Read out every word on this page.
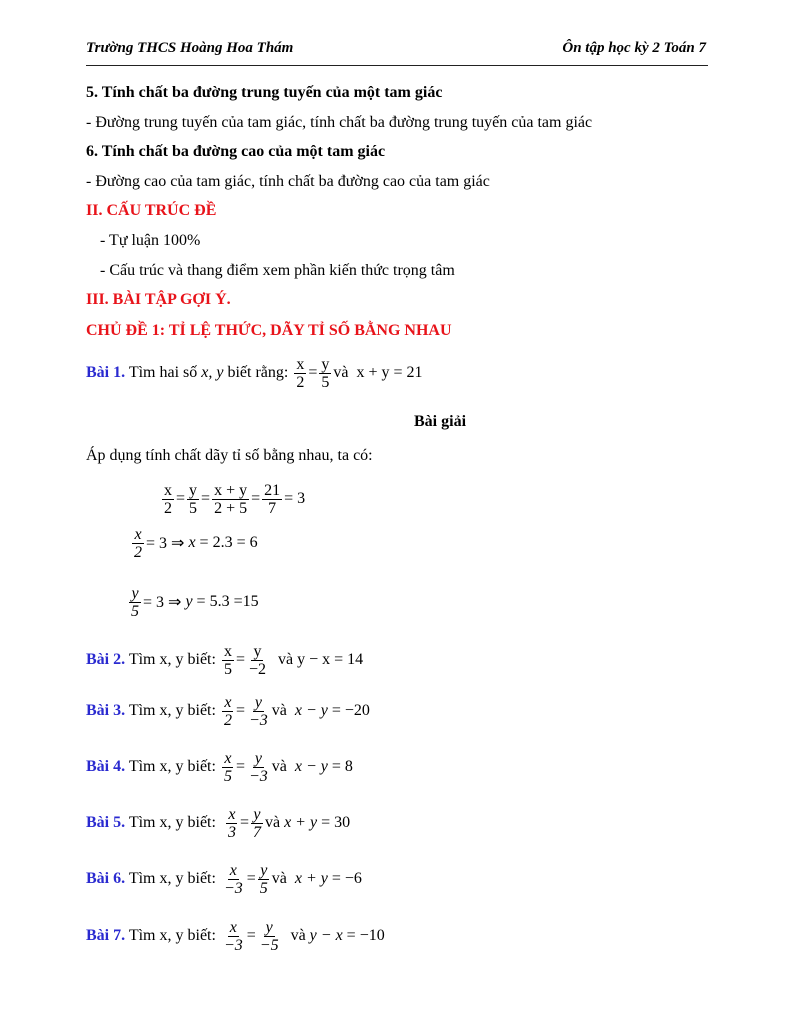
Trường THCS Hoàng Hoa Thám	Ôn tập học kỳ 2 Toán 7
5. Tính chất ba đường trung tuyến của một tam giác
- Đường trung tuyến của tam giác, tính chất ba đường trung tuyến của tam giác
6. Tính chất ba đường cao của một tam giác
- Đường cao của tam giác, tính chất ba đường cao của tam giác
II. CẤU TRÚC ĐỀ
- Tự luận 100%
- Cấu trúc và thang điểm xem phần kiến thức trọng tâm
III. BÀI TẬP GỢI Ý.
CHỦ ĐỀ 1: TỈ LỆ THỨC, DÃY TỈ SỐ BẰNG NHAU
Bài 1. Tìm hai số x, y biết rằng: $\frac{x}{2} = \frac{y}{5}$ và  x + y = 21
Bài giải
Áp dụng tính chất dãy tỉ số bằng nhau, ta có:
$\frac{x}{2} = \frac{y}{5} = \frac{x + y}{2 + 5} = \frac{21}{7} = 3$
$\frac{x}{2} = 3$ ⇒ x = 2.3 = 6
$\frac{y}{5} = 3$ ⇒ y = 5.3 =15
Bài 2. Tìm x, y biết: $\frac{x}{5} = \frac{y}{-2}$ và y − x = 14
Bài 3. Tìm x, y biết: $\frac{x}{2} = \frac{y}{-3}$ và x − y = −20
Bài 4. Tìm x, y biết: $\frac{x}{5} = \frac{y}{-3}$ và x − y = 8
Bài 5. Tìm x, y biết: $\frac{x}{3} = \frac{y}{7}$ và x + y = 30
Bài 6. Tìm x, y biết: $\frac{x}{-3} = \frac{y}{5}$ và x + y = −6
Bài 7. Tìm x, y biết: $\frac{x}{-3} = \frac{y}{-5}$ và y − x = −10
